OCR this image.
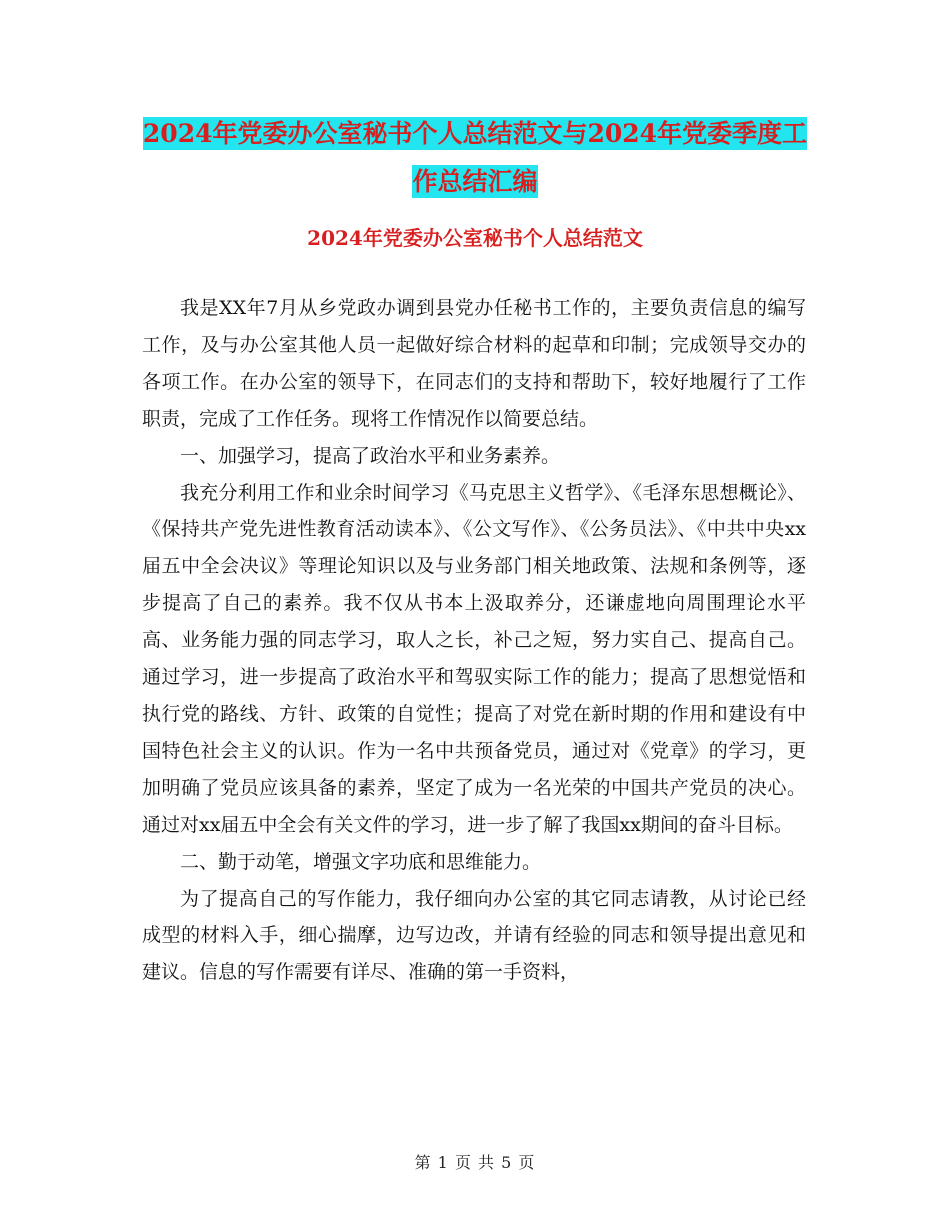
2024年党委办公室秘书个人总结范文与2024年党委季度工作总结汇编
2024年党委办公室秘书个人总结范文

我是XX年7月从乡党政办调到县党办任秘书工作的，主要负责信息的编写工作，及与办公室其他人员一起做好综合材料的起草和印制；完成领导交办的各项工作。在办公室的领导下，在同志们的支持和帮助下，较好地履行了工作职责，完成了工作任务。现将工作情况作以简要总结。

一、加强学习，提高了政治水平和业务素养。

我充分利用工作和业余时间学习《马克思主义哲学》、《毛泽东思想概论》、《保持共产党先进性教育活动读本》、《公文写作》、《公务员法》、《中共中央xx届五中全会决议》等理论知识以及与业务部门相关地政策、法规和条例等，逐步提高了自己的素养。我不仅从书本上汲取养分，还谦虚地向周围理论水平高、业务能力强的同志学习，取人之长，补己之短，努力实自己、提高自己。通过学习，进一步提高了政治水平和驾驭实际工作的能力；提高了思想觉悟和执行党的路线、方针、政策的自觉性；提高了对党在新时期的作用和建设有中国特色社会主义的认识。作为一名中共预备党员，通过对《党章》的学习，更加明确了党员应该具备的素养，坚定了成为一名光荣的中国共产党员的决心。通过对xx届五中全会有关文件的学习，进一步了解了我国xx期间的奋斗目标。

二、勤于动笔，增强文字功底和思维能力。

为了提高自己的写作能力，我仔细向办公室的其它同志请教，从讨论已经成型的材料入手，细心揣摩，边写边改，并请有经验的同志和领导提出意见和建议。信息的写作需要有详尽、准确的第一手资料，

第 1 页 共 5 页
